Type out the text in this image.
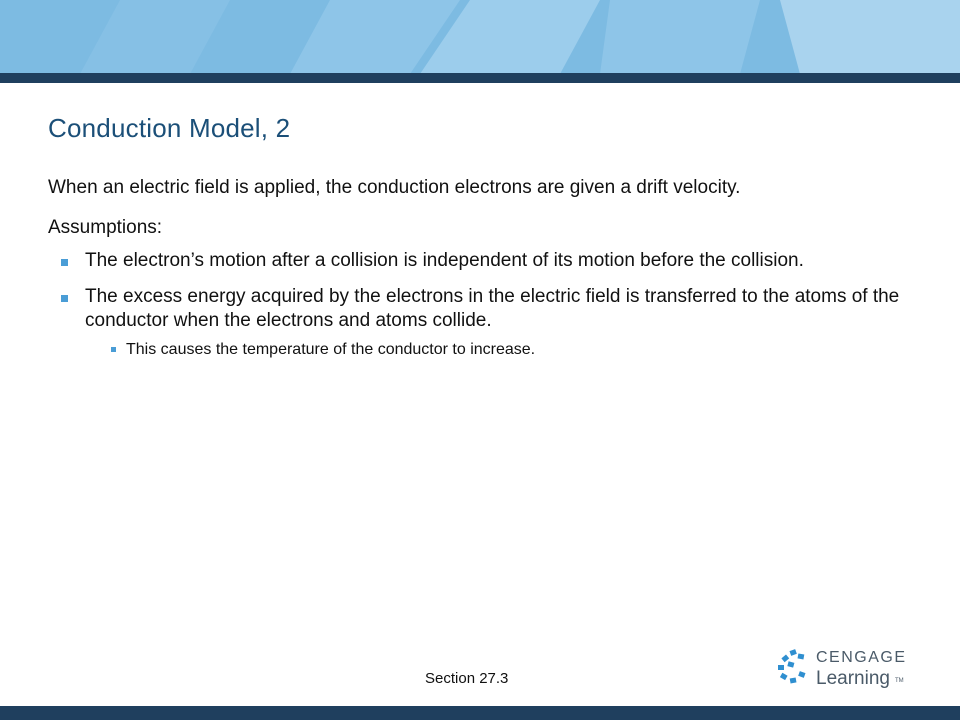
Conduction Model, 2
When an electric field is applied, the conduction electrons are given a drift velocity.
Assumptions:
The electron’s motion after a collision is independent of its motion before the collision.
The excess energy acquired by the electrons in the electric field is transferred to the atoms of the conductor when the electrons and atoms collide.
This causes the temperature of the conductor to increase.
Section 27.3
CENGAGE
Learning TM
